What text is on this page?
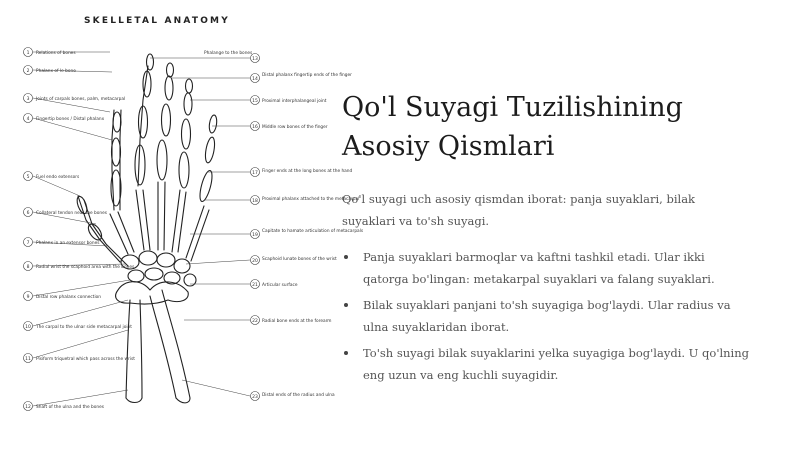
SKELLETAL ANATOMY
1 Relations of bones
2 Phalanx of le bone
3 Joints of carpals bones, palm, metacarpal
4 Fingertip bones / Distal phalanx
5 Fuel endo extensors
6 Collateral tendon near the bones
7 Phalanx in an extensor bones
8 Radial wrist the scaphoid area with the bones
9 Distal row phalanx connection
10 The carpal to the ulnar side metacarpal joint
11 Pisiform triquetral which pass across the wrist
12 Shaft of the ulna and the bones
13
Phalange to the bones
14
Distal phalanx fingertip ends of the finger
15 Proximal interphalangeal joint
16 Middle row bones of the finger
17 Finger ends at the long bones at the hand
18 Proximal phalanx attached to the metacarpal
19
Capitate to hamate articulation of metacarpals
20 Scaphoid lunate bones of the wrist
21 Articular surface
22 Radial bone ends at the forearm
23 Distal ends of the radius and ulna
Qo'l Suyagi Tuzilishining
Asosiy Qismlari
Qo'l suyagi uch asosiy qismdan iborat: panja suyaklari, bilak suyaklari va to'sh suyagi.
Panja suyaklari barmoqlar va kaftni tashkil etadi. Ular ikki qatorga bo'lingan: metakarpal suyaklari va falang suyaklari.
Bilak suyaklari panjani to'sh suyagiga bog'laydi. Ular radius va ulna suyaklaridan iborat.
To'sh suyagi bilak suyaklarini yelka suyagiga bog'laydi. U qo'lning eng uzun va eng kuchli suyagidir.
